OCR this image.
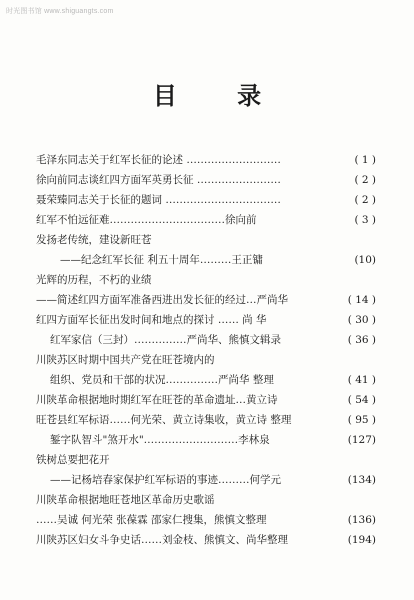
时光图书馆 www.shiguangts.com
目 录
毛泽东同志关于红军长征的论述 ………………………	( 1 )
徐向前同志谈红四方面军英勇长征 ……………………	( 2 )
聂荣臻同志关于长征的题词 ……………………………	( 2 )
红军不怕远征难……………………………徐向前	( 3 )
发扬老传统，建设新旺苍
——纪念红军长征 利五十周年………王正镛	(10)
光辉的历程，不朽的业绩
——简述红四方面军准备西进出发长征的经过…严尚华	( 14 )
红四方面军长征出发时间和地点的探讨 …… 尚 华	( 30 )
红军家信（三封）……………严尚华、熊慎文辑录	( 36 )
川陕苏区时期中国共产党在旺苍境内的
组织、党员和干部的状况……………严尚华 整理	( 41 )
川陕革命根据地时期红军在旺苍的革命遗址…黄立诗	( 54 )
旺苍县红军标语……何光荣、黄立诗集收，黄立诗 整理	( 95 )
錾字队智斗"煞开水"………………………李林泉	(127)
铁树总要把花开
——记杨培春家保护红军标语的事迹………何学元	(134)
川陕革命根据地旺苍地区革命历史歌谣
……吴诚 何光荣 张葆霖 邵家仁搜集，熊慎文整理	(136)
川陕苏区妇女斗争史话……刘金枝、熊慎文、尚华整理	(194)
